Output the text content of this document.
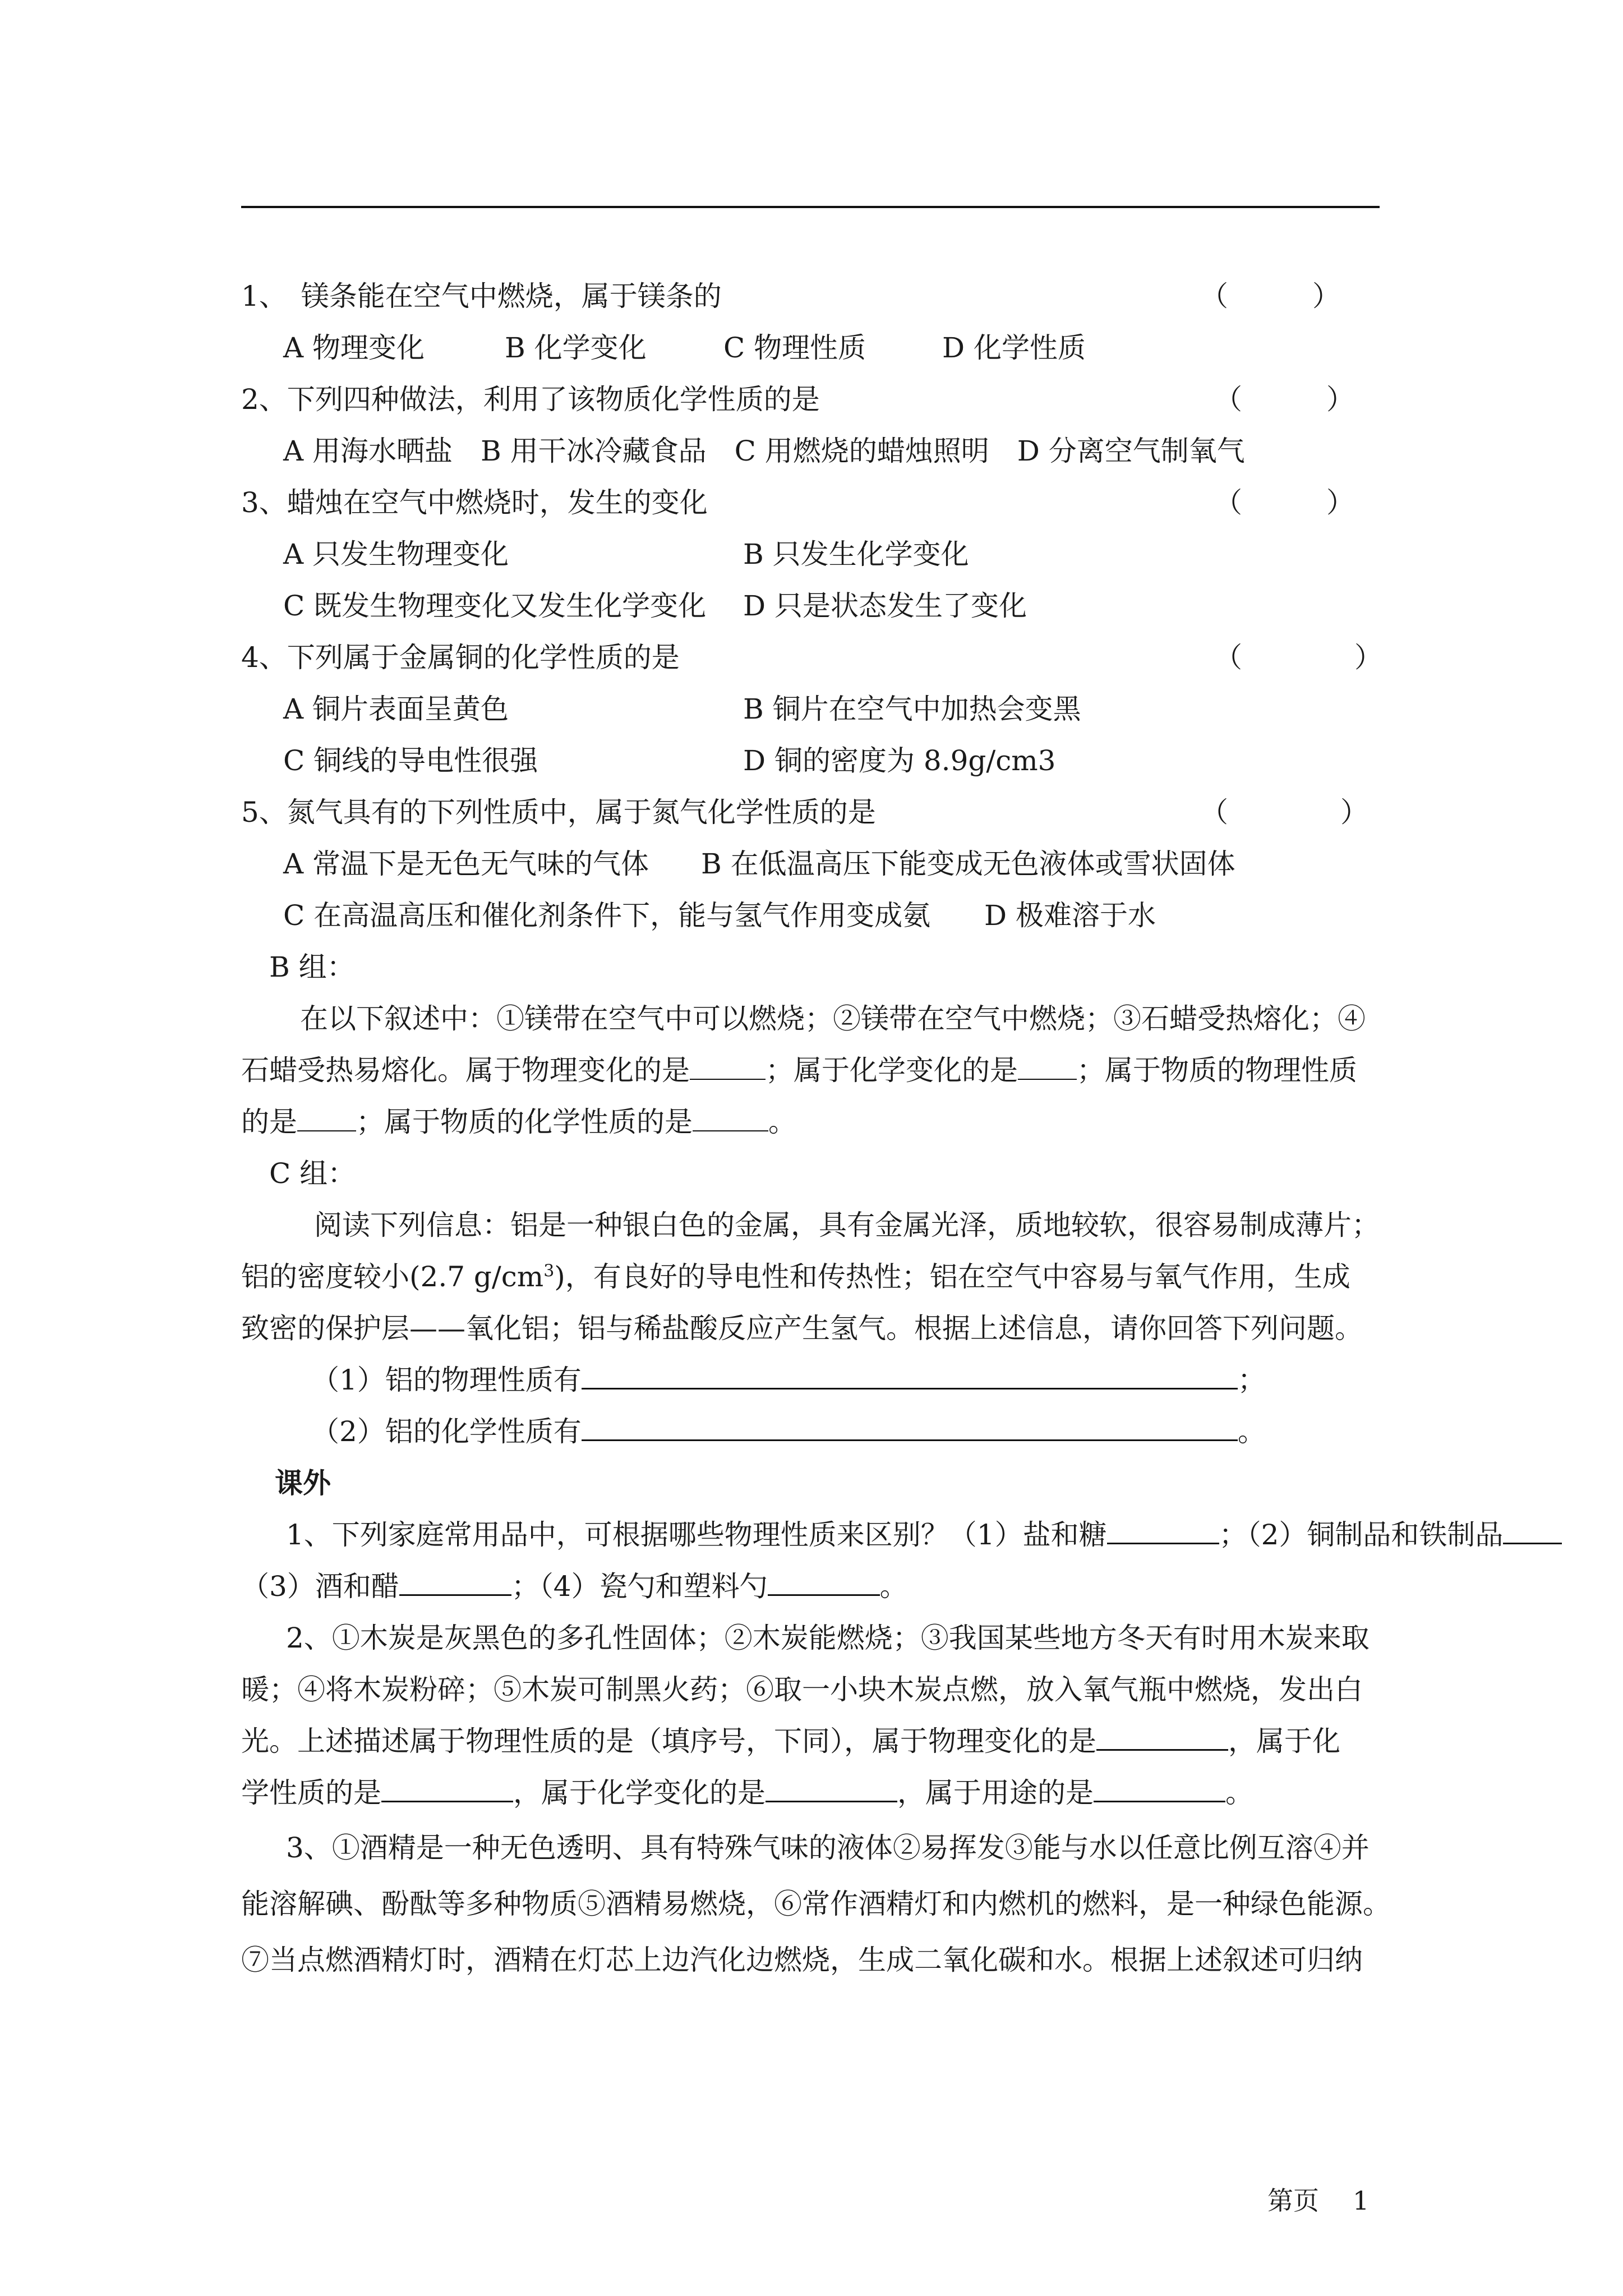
1、　镁条能在空气中燃烧，属于镁条的	（　　　）
A 物理变化	B 化学变化	C 物理性质	D 化学性质
2、下列四种做法，利用了该物质化学性质的是	（　　　）
A 用海水晒盐　B 用干冰冷藏食品　C 用燃烧的蜡烛照明　D 分离空气制氧气
3、蜡烛在空气中燃烧时，发生的变化	（　　　）
A 只发生物理变化	B 只发生化学变化
C 既发生物理变化又发生化学变化 D 只是状态发生了变化
4、下列属于金属铜的化学性质的是	（　　　　）
A 铜片表面呈黄色	B 铜片在空气中加热会变黑
C 铜线的导电性很强	D 铜的密度为 8.9g/cm3
5、氮气具有的下列性质中，属于氮气化学性质的是	（　　　　）
A 常温下是无色无气味的气体 B 在低温高压下能变成无色液体或雪状固体
C 在高温高压和催化剂条件下，能与氢气作用变成氨 D 极难溶于水
B 组：
在以下叙述中：①镁带在空气中可以燃烧；②镁带在空气中燃烧；③石蜡受热熔化；④
石蜡受热易熔化。属于物理变化的是	；属于化学变化的是 ；属于物质的物理性质
的是 ；属于物质的化学性质的是	。
C 组：
阅读下列信息：铝是一种银白色的金属，具有金属光泽，质地较软，很容易制成薄片；
铝的密度较小(2.7 $g/cm^3$)，有良好的导电性和传热性；铝在空气中容易与氧气作用，生成
致密的保护层——氧化铝；铝与稀盐酸反应产生氢气。根据上述信息，请你回答下列问题。
（1）铝的物理性质有	；
（2）铝的化学性质有	。
课外
1、下列家庭常用品中，可根据哪些物理性质来区别？（1）盐和糖	；（2）铜制品和铁制品
（3）酒和醋	；（4）瓷勺和塑料勺	。
2、①木炭是灰黑色的多孔性固体；②木炭能燃烧；③我国某些地方冬天有时用木炭来取
暖；④将木炭粉碎；⑤木炭可制黑火药；⑥取一小块木炭点燃，放入氧气瓶中燃烧，发出白
光。上述描述属于物理性质的是（填序号，下同），属于物理变化的是	，属于化
学性质的是	，属于化学变化的是	，属于用途的是	。
3、①酒精是一种无色透明、具有特殊气味的液体②易挥发③能与水以任意比例互溶④并
能溶解碘、酚酞等多种物质⑤酒精易燃烧，⑥常作酒精灯和内燃机的燃料，是一种绿色能源。
⑦当点燃酒精灯时，酒精在灯芯上边汽化边燃烧，生成二氧化碳和水。根据上述叙述可归纳
第页 1
